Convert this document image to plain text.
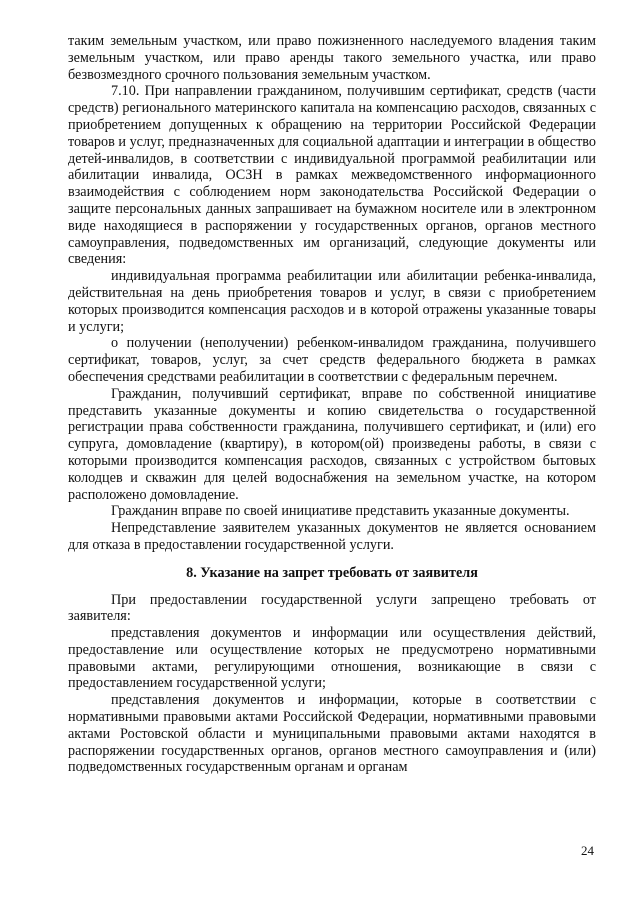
таким земельным участком, или право пожизненного наследуемого владения таким земельным участком, или право аренды такого земельного участка, или право безвозмездного срочного пользования земельным участком.

7.10. При направлении гражданином, получившим сертификат, средств (части средств) регионального материнского капитала на компенсацию расходов, связанных с приобретением допущенных к обращению на территории Российской Федерации товаров и услуг, предназначенных для социальной адаптации и интеграции в общество детей-инвалидов, в соответствии с индивидуальной программой реабилитации или абилитации инвалида, ОСЗН в рамках межведомственного информационного взаимодействия с соблюдением норм законодательства Российской Федерации о защите персональных данных запрашивает на бумажном носителе или в электронном виде находящиеся в распоряжении у государственных органов, органов местного самоуправления, подведомственных им организаций, следующие документы или сведения:

индивидуальная программа реабилитации или абилитации ребенка-инвалида, действительная на день приобретения товаров и услуг, в связи с приобретением которых производится компенсация расходов и в которой отражены указанные товары и услуги;

о получении (неполучении) ребенком-инвалидом гражданина, получившего сертификат, товаров, услуг, за счет средств федерального бюджета в рамках обеспечения средствами реабилитации в соответствии с федеральным перечнем.

Гражданин, получивший сертификат, вправе по собственной инициативе представить указанные документы и копию свидетельства о государственной регистрации права собственности гражданина, получившего сертификат, и (или) его супруга, домовладение (квартиру), в котором(ой) произведены работы, в связи с которыми производится компенсация расходов, связанных с устройством бытовых колодцев и скважин для целей водоснабжения на земельном участке, на котором расположено домовладение.

Гражданин вправе по своей инициативе представить указанные документы.

Непредставление заявителем указанных документов не является основанием для отказа в предоставлении государственной услуги.

8. Указание на запрет требовать от заявителя

При предоставлении государственной услуги запрещено требовать от заявителя:

представления документов и информации или осуществления действий, предоставление или осуществление которых не предусмотрено нормативными правовыми актами, регулирующими отношения, возникающие в связи с предоставлением государственной услуги;

представления документов и информации, которые в соответствии с нормативными правовыми актами Российской Федерации, нормативными правовыми актами Ростовской области и муниципальными правовыми актами находятся в распоряжении государственных органов, органов местного самоуправления и (или) подведомственных государственным органам и органам

24
